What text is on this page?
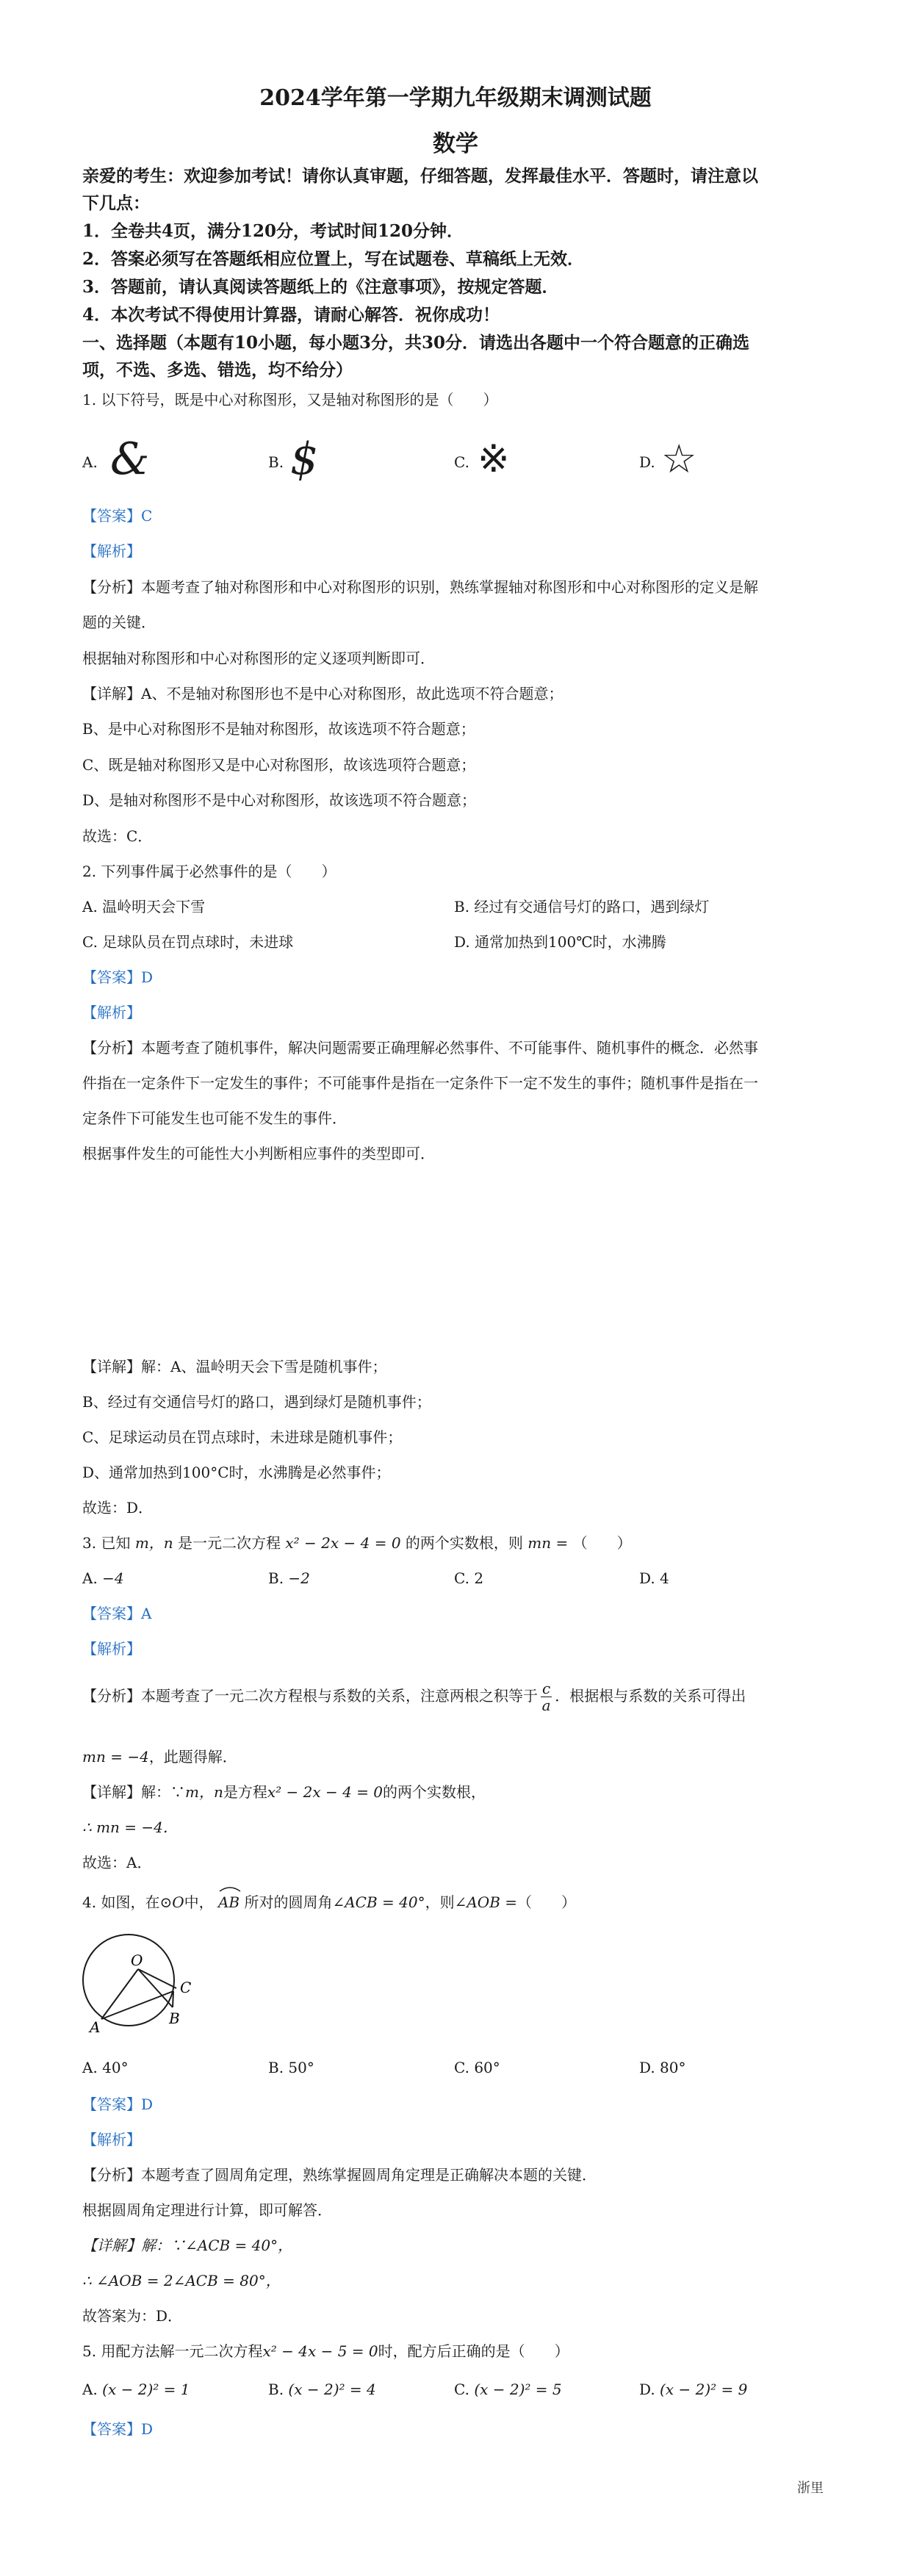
2024学年第一学期九年级期末调测试题
数学
亲爱的考生：欢迎参加考试！请你认真审题，仔细答题，发挥最佳水平．答题时，请注意以
下几点：
1．全卷共4页，满分120分，考试时间120分钟．
2．答案必须写在答题纸相应位置上，写在试题卷、草稿纸上无效．
3．答题前，请认真阅读答题纸上的《注意事项》，按规定答题．
4．本次考试不得使用计算器，请耐心解答．祝你成功！
一、选择题（本题有10小题，每小题3分，共30分．请选出各题中一个符合题意的正确选
项，不选、多选、错选，均不给分）
1. 以下符号，既是中心对称图形，又是轴对称图形的是（　　）
A. &	B. $	C. ※	D. ☆
【答案】C
【解析】
【分析】本题考查了轴对称图形和中心对称图形的识别，熟练掌握轴对称图形和中心对称图形的定义是解
题的关键．
根据轴对称图形和中心对称图形的定义逐项判断即可．
【详解】A、不是轴对称图形也不是中心对称图形，故此选项不符合题意；
B、是中心对称图形不是轴对称图形，故该选项不符合题意；
C、既是轴对称图形又是中心对称图形，故该选项符合题意；
D、是轴对称图形不是中心对称图形，故该选项不符合题意；
故选：C．
2. 下列事件属于必然事件的是（　　）
A. 温岭明天会下雪	B. 经过有交通信号灯的路口，遇到绿灯
C. 足球队员在罚点球时，未进球	D. 通常加热到100℃时，水沸腾
【答案】D
【解析】
【分析】本题考查了随机事件，解决问题需要正确理解必然事件、不可能事件、随机事件的概念．必然事
件指在一定条件下一定发生的事件；不可能事件是指在一定条件下一定不发生的事件；随机事件是指在一
定条件下可能发生也可能不发生的事件．
根据事件发生的可能性大小判断相应事件的类型即可．
【详解】解：A、温岭明天会下雪是随机事件；
B、经过有交通信号灯的路口，遇到绿灯是随机事件；
C、足球运动员在罚点球时，未进球是随机事件；
D、通常加热到100°C时，水沸腾是必然事件；
故选：D．
3. 已知 m，n 是一元二次方程 x² − 2x − 4 = 0 的两个实数根，则 mn = （　　）
A. −4	B. −2	C. 2	D. 4
【答案】A
【解析】
【分析】本题考查了一元二次方程根与系数的关系，注意两根之积等于 $\frac{c}{a}$ ．根据根与系数的关系可得出
mn = −4，此题得解．
【详解】解：∵m，n是方程x² − 2x − 4 = 0的两个实数根，
∴ mn = −4．
故选：A．
4. 如图，在⊙O中， AB 所对的圆周角∠ACB = 40°，则∠AOB =（　　）
O
A	B
C
A. 40°	B. 50°	C. 60°	D. 80°
【答案】D
【解析】
【分析】本题考查了圆周角定理，熟练掌握圆周角定理是正确解决本题的关键．
根据圆周角定理进行计算，即可解答．
【详解】解：∵∠ACB = 40°，
∴ ∠AOB = 2∠ACB = 80°，
故答案为：D．
5. 用配方法解一元二次方程x² − 4x − 5 = 0时，配方后正确的是（　　）
A. (x − 2)² = 1	B. (x − 2)² = 4	C. (x − 2)² = 5	D. (x − 2)² = 9
【答案】D
浙里
